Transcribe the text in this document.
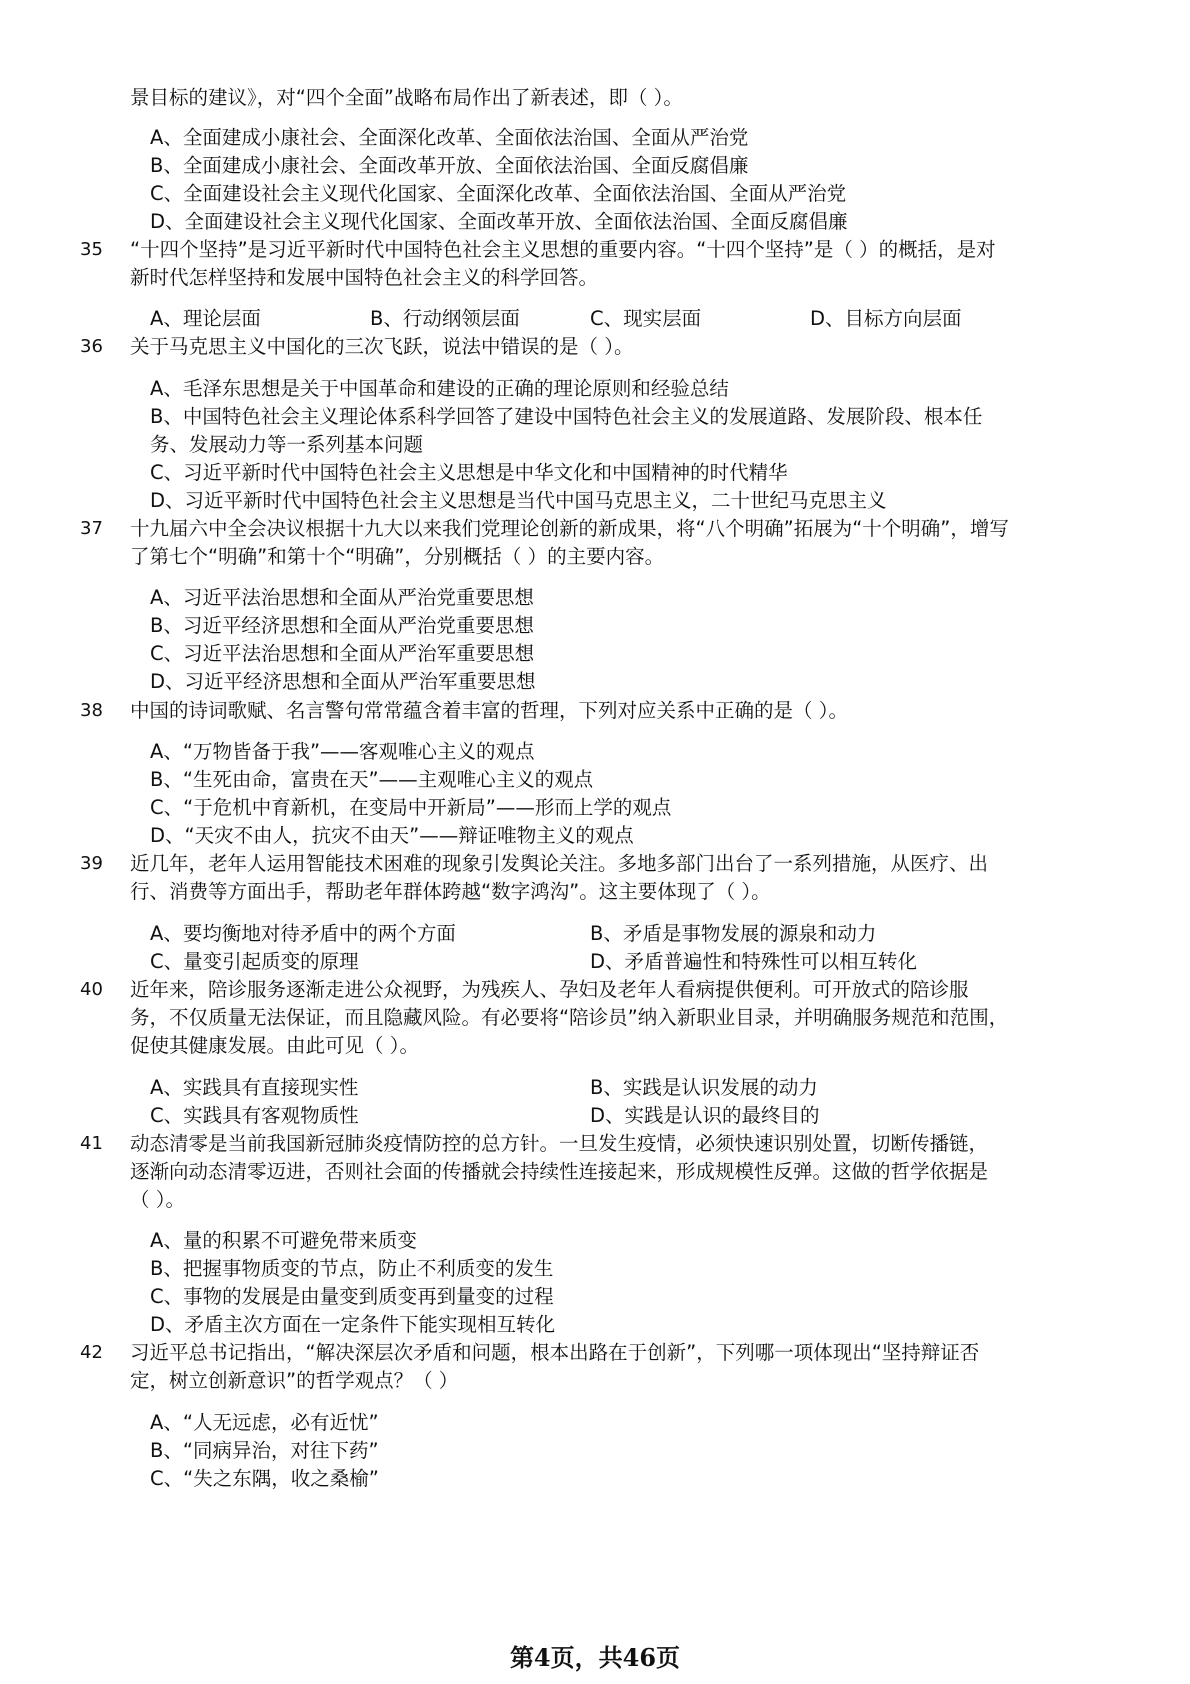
景目标的建议》，对“四个全面”战略布局作出了新表述，即（ ）。
A、全面建成小康社会、全面深化改革、全面依法治国、全面从严治党
B、全面建成小康社会、全面改革开放、全面依法治国、全面反腐倡廉
C、全面建设社会主义现代化国家、全面深化改革、全面依法治国、全面从严治党
D、全面建设社会主义现代化国家、全面改革开放、全面依法治国、全面反腐倡廉
35	“十四个坚持”是习近平新时代中国特色社会主义思想的重要内容。“十四个坚持”是（ ）的概括，是对
新时代怎样坚持和发展中国特色社会主义的科学回答。
A、理论层面	B、行动纲领层面	C、现实层面	D、目标方向层面
36	关于马克思主义中国化的三次飞跃，说法中错误的是（ ）。
A、毛泽东思想是关于中国革命和建设的正确的理论原则和经验总结
B、中国特色社会主义理论体系科学回答了建设中国特色社会主义的发展道路、发展阶段、根本任
务、发展动力等一系列基本问题
C、习近平新时代中国特色社会主义思想是中华文化和中国精神的时代精华
D、习近平新时代中国特色社会主义思想是当代中国马克思主义，二十世纪马克思主义
37	十九届六中全会决议根据十九大以来我们党理论创新的新成果，将“八个明确”拓展为“十个明确”，增写
了第七个“明确”和第十个“明确”，分别概括（ ）的主要内容。
A、习近平法治思想和全面从严治党重要思想
B、习近平经济思想和全面从严治党重要思想
C、习近平法治思想和全面从严治军重要思想
D、习近平经济思想和全面从严治军重要思想
38	中国的诗词歌赋、名言警句常常蕴含着丰富的哲理，下列对应关系中正确的是（ ）。
A、“万物皆备于我”——客观唯心主义的观点
B、“生死由命，富贵在天”——主观唯心主义的观点
C、“于危机中育新机，在变局中开新局”——形而上学的观点
D、“天灾不由人，抗灾不由天”——辩证唯物主义的观点
39	近几年，老年人运用智能技术困难的现象引发舆论关注。多地多部门出台了一系列措施，从医疗、出
行、消费等方面出手，帮助老年群体跨越“数字鸿沟”。这主要体现了（ ）。
A、要均衡地对待矛盾中的两个方面	B、矛盾是事物发展的源泉和动力
C、量变引起质变的原理	D、矛盾普遍性和特殊性可以相互转化
40	近年来，陪诊服务逐渐走进公众视野，为残疾人、孕妇及老年人看病提供便利。可开放式的陪诊服
务，不仅质量无法保证，而且隐藏风险。有必要将“陪诊员”纳入新职业目录，并明确服务规范和范围，
促使其健康发展。由此可见（ ）。
A、实践具有直接现实性	B、实践是认识发展的动力
C、实践具有客观物质性	D、实践是认识的最终目的
41	动态清零是当前我国新冠肺炎疫情防控的总方针。一旦发生疫情，必须快速识别处置，切断传播链，
逐渐向动态清零迈进，否则社会面的传播就会持续性连接起来，形成规模性反弹。这做的哲学依据是
（ ）。
A、量的积累不可避免带来质变
B、把握事物质变的节点，防止不利质变的发生
C、事物的发展是由量变到质变再到量变的过程
D、矛盾主次方面在一定条件下能实现相互转化
42	习近平总书记指出，“解决深层次矛盾和问题，根本出路在于创新”，下列哪一项体现出“坚持辩证否
定，树立创新意识”的哲学观点？（ ）
A、“人无远虑，必有近忧”
B、“同病异治，对往下药”
C、“失之东隅，收之桑榆”
第4页，共46页
